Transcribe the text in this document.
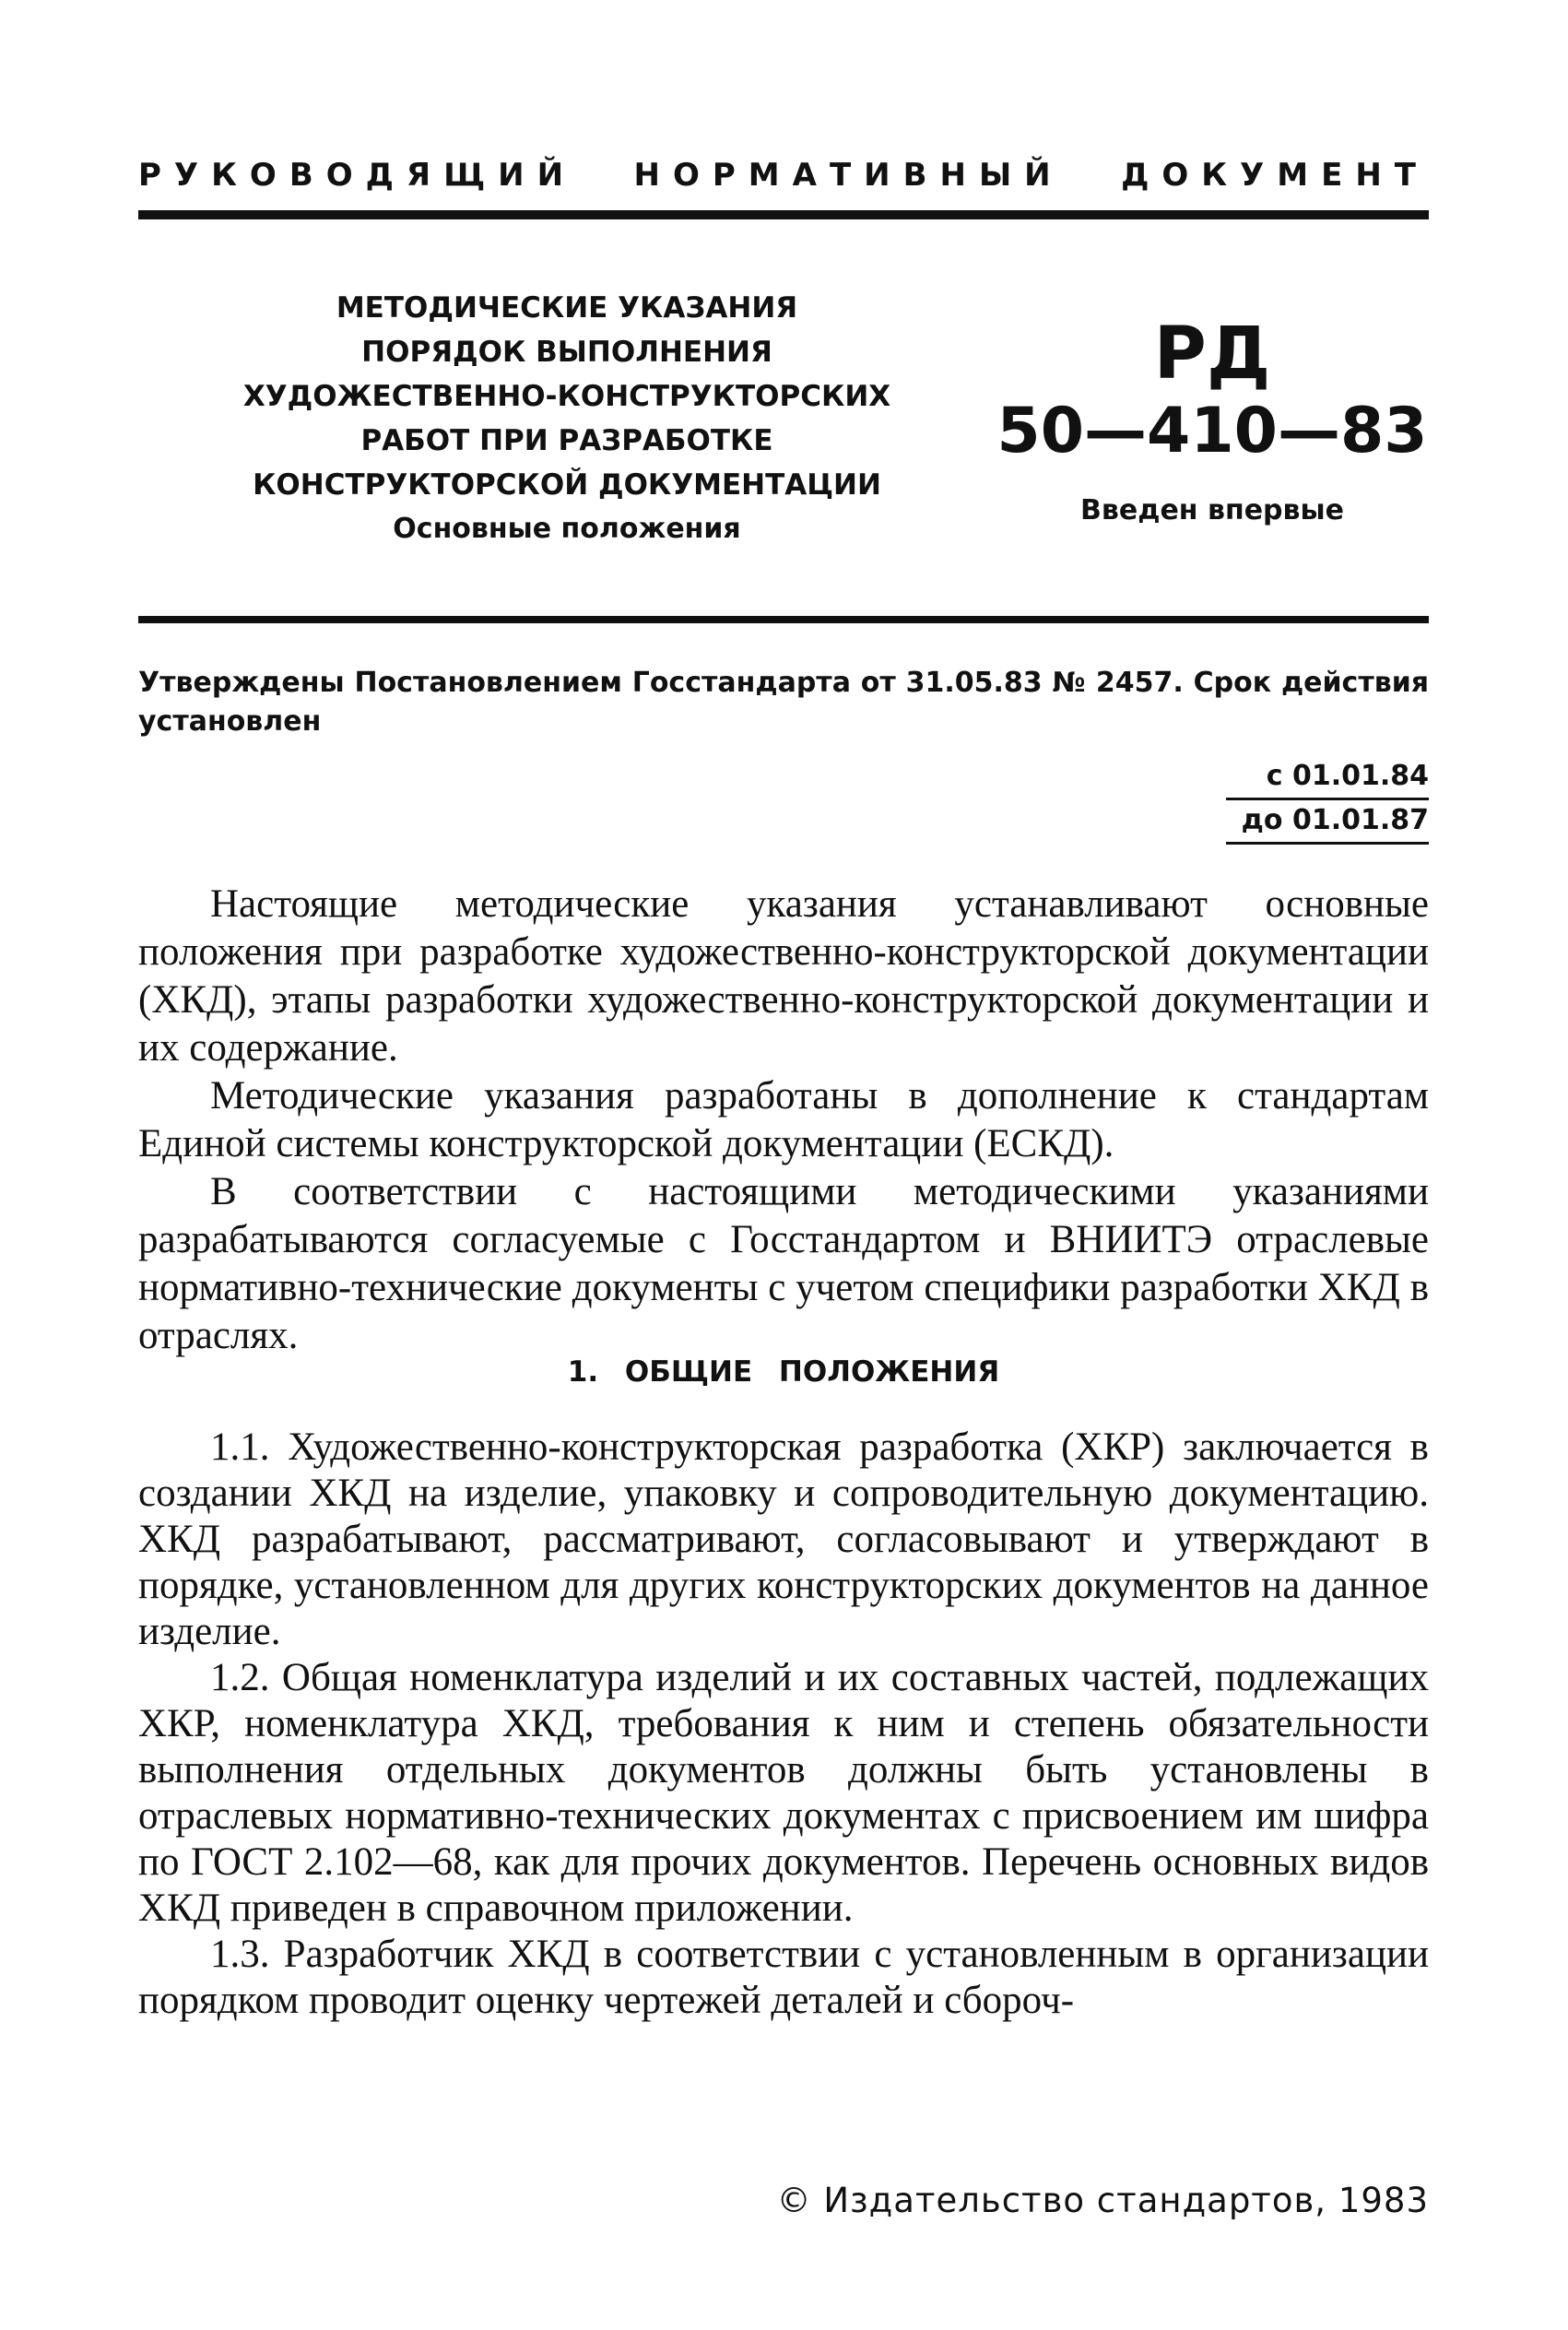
РУКОВОДЯЩИЙ НОРМАТИВНЫЙ ДОКУМЕНТ
МЕТОДИЧЕСКИЕ УКАЗАНИЯ
ПОРЯДОК ВЫПОЛНЕНИЯ
ХУДОЖЕСТВЕННО-КОНСТРУКТОРСКИХ
РАБОТ ПРИ РАЗРАБОТКЕ
КОНСТРУКТОРСКОЙ ДОКУМЕНТАЦИИ
Основные положения
РД
50—410—83
Введен впервые
Утверждены Постановлением Госстандарта от 31.05.83 № 2457. Срок действия установлен
с 01.01.84
до 01.01.87

Настоящие методические указания устанавливают основные положения при разработке художественно-конструкторской документации (ХКД), этапы разработки художественно-конструкторской документации и их содержание.

Методические указания разработаны в дополнение к стандартам Единой системы конструкторской документации (ЕСКД).

В соответствии с настоящими методическими указаниями разрабатываются согласуемые с Госстандартом и ВНИИТЭ отраслевые нормативно-технические документы с учетом специфики разработки ХКД в отраслях.

1. ОБЩИЕ ПОЛОЖЕНИЯ

1.1. Художественно-конструкторская разработка (ХКР) заключается в создании ХКД на изделие, упаковку и сопроводительную документацию. ХКД разрабатывают, рассматривают, согласовывают и утверждают в порядке, установленном для других конструкторских документов на данное изделие.

1.2. Общая номенклатура изделий и их составных частей, подлежащих ХКР, номенклатура ХКД, требования к ним и степень обязательности выполнения отдельных документов должны быть установлены в отраслевых нормативно-технических документах с присвоением им шифра по ГОСТ 2.102—68, как для прочих документов. Перечень основных видов ХКД приведен в справочном приложении.

1.3. Разработчик ХКД в соответствии с установленным в организации порядком проводит оценку чертежей деталей и сбороч-

© Издательство стандартов, 1983
